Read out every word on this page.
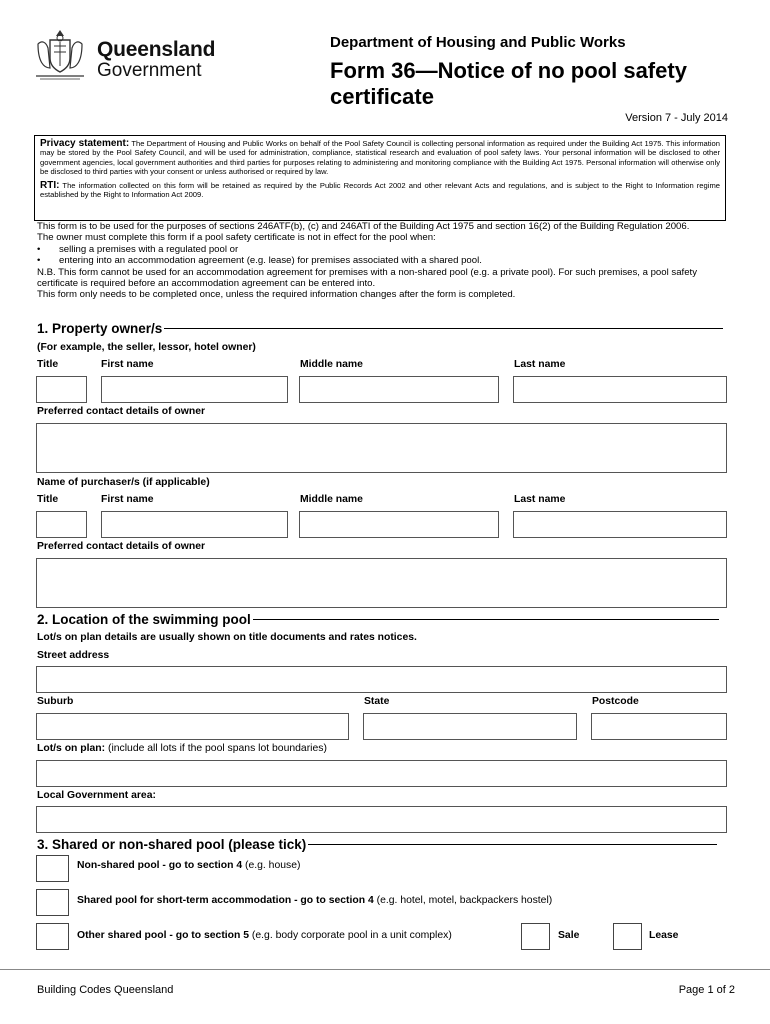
Queensland
Government
Department of Housing and Public Works
Form 36—Notice of no pool safety certificate
Version 7 - July 2014

Privacy statement: The Department of Housing and Public Works on behalf of the Pool Safety Council is collecting personal information as required under the Building Act 1975. This information may be stored by the Pool Safety Council, and will be used for administration, compliance, statistical research and evaluation of pool safety laws. Your personal information will be disclosed to other government agencies, local government authorities and third parties for purposes relating to administering and monitoring compliance with the Building Act 1975. Personal information will otherwise only be disclosed to third parties with your consent or unless authorised or required by law.

RTI: The information collected on this form will be retained as required by the Public Records Act 2002 and other relevant Acts and regulations, and is subject to the Right to Information regime established by the Right to Information Act 2009.

This form is to be used for the purposes of sections 246ATF(b), (c) and 246ATI of the Building Act 1975 and section 16(2) of the Building Regulation 2006.

The owner must complete this form if a pool safety certificate is not in effect for the pool when:

•	selling a premises with a regulated pool or
•	entering into an accommodation agreement (e.g. lease) for premises associated with a shared pool.

N.B. This form cannot be used for an accommodation agreement for premises with a non-shared pool (e.g. a private pool). For such premises, a pool safety certificate is required before an accommodation agreement can be entered into.

This form only needs to be completed once, unless the required information changes after the form is completed.

1. Property owner/s
(For example, the seller, lessor, hotel owner)
Title	First name	Middle name	Last name
Preferred contact details of owner
Name of purchaser/s (if applicable)
Title	First name	Middle name	Last name
Preferred contact details of owner
2. Location of the swimming pool
Lot/s on plan details are usually shown on title documents and rates notices.
Street address
Suburb	State	Postcode
Lot/s on plan: (include all lots if the pool spans lot boundaries)
Local Government area:
3. Shared or non-shared pool (please tick)
Non-shared pool - go to section 4 (e.g. house)
Shared pool for short-term accommodation - go to section 4 (e.g. hotel, motel, backpackers hostel)
Other shared pool - go to section 5 (e.g. body corporate pool in a unit complex)	Sale	Lease
Building Codes Queensland	Page 1 of 2
